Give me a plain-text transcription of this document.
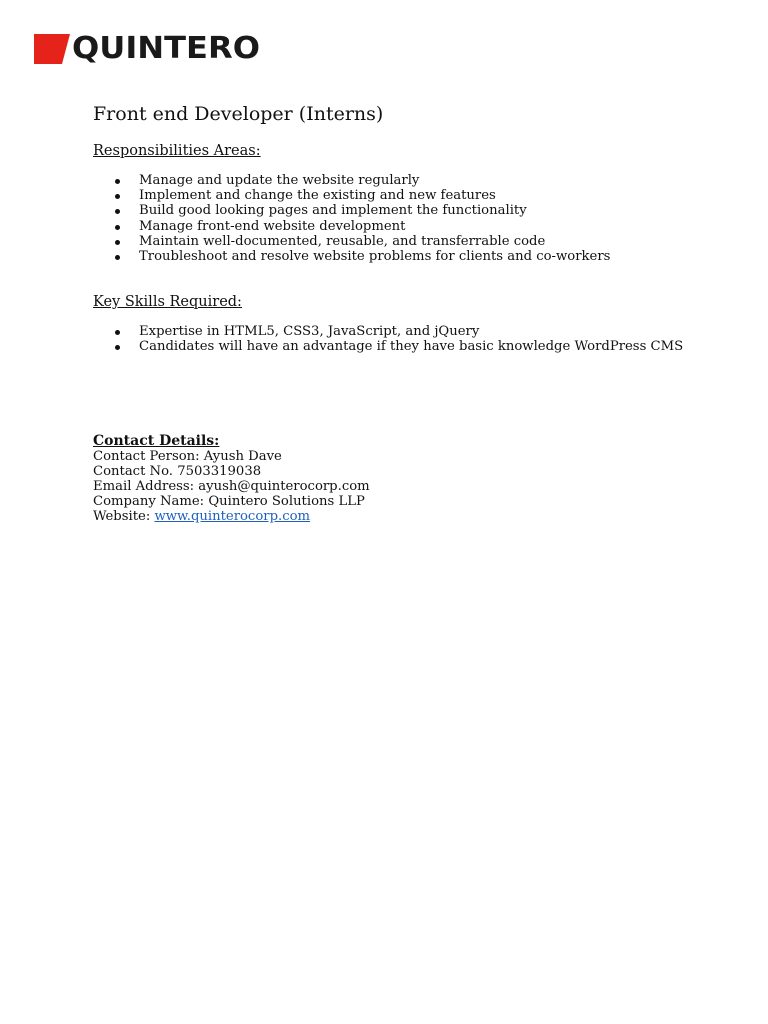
QUINTERO
Front end Developer (Interns)
Responsibilities Areas:
Manage and update the website regularly
Implement and change the existing and new features
Build good looking pages and implement the functionality
Manage front-end website development
Maintain well-documented, reusable, and transferrable code
Troubleshoot and resolve website problems for clients and co-workers
Key Skills Required:
Expertise in HTML5, CSS3, JavaScript, and jQuery
Candidates will have an advantage if they have basic knowledge WordPress CMS
Contact Details:
Contact Person: Ayush Dave
Contact No. 7503319038
Email Address: ayush@quinterocorp.com
Company Name: Quintero Solutions LLP
Website: www.quinterocorp.com
